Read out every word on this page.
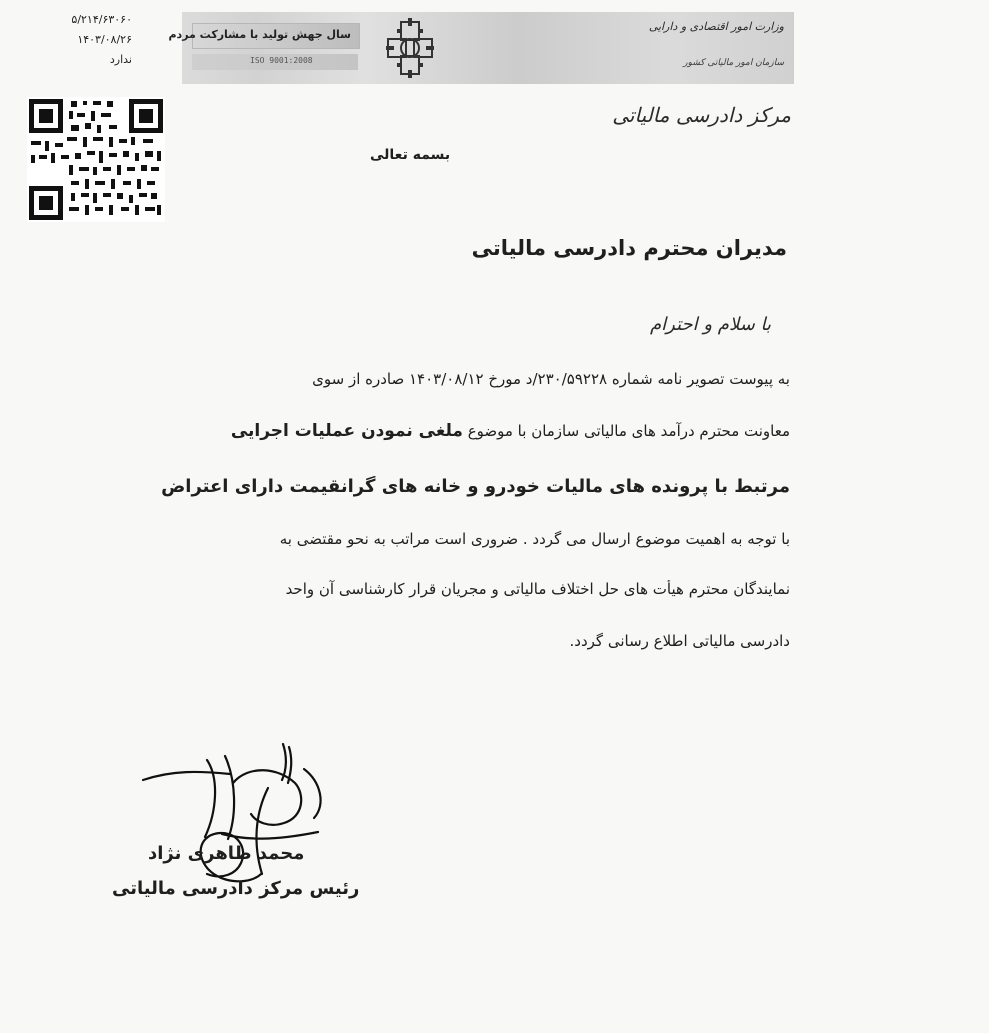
۵/۲۱۴/۶۳۰۶۰
۱۴۰۳/۰۸/۲۶
ندارد
سال جهش تولید با مشارکت مردم
ISO 9001:2008
وزارت امور اقتصادی و دارایی
سازمان امور مالیاتی کشور
مرکز دادرسی مالیاتی
بسمه تعالی
مدیران محترم دادرسی مالیاتی
با سلام و احترام
به پیوست تصویر نامه شماره ۲۳۰/۵۹۲۲۸/د مورخ ۱۴۰۳/۰۸/۱۲ صادره از سوی
معاونت محترم درآمد های مالیاتی سازمان با موضوع ملغی نمودن عملیات اجرایی
مرتبط با پرونده های مالیات خودرو و خانه های گرانقیمت دارای اعتراض
با توجه به اهمیت موضوع ارسال می گردد . ضروری است مراتب به نحو مقتضی به
نمایندگان محترم هیأت های حل اختلاف مالیاتی و مجریان قرار کارشناسی آن واحد
دادرسی مالیاتی اطلاع رسانی گردد.
محمد طاهری نژاد
رئیس مرکز دادرسی مالیاتی
